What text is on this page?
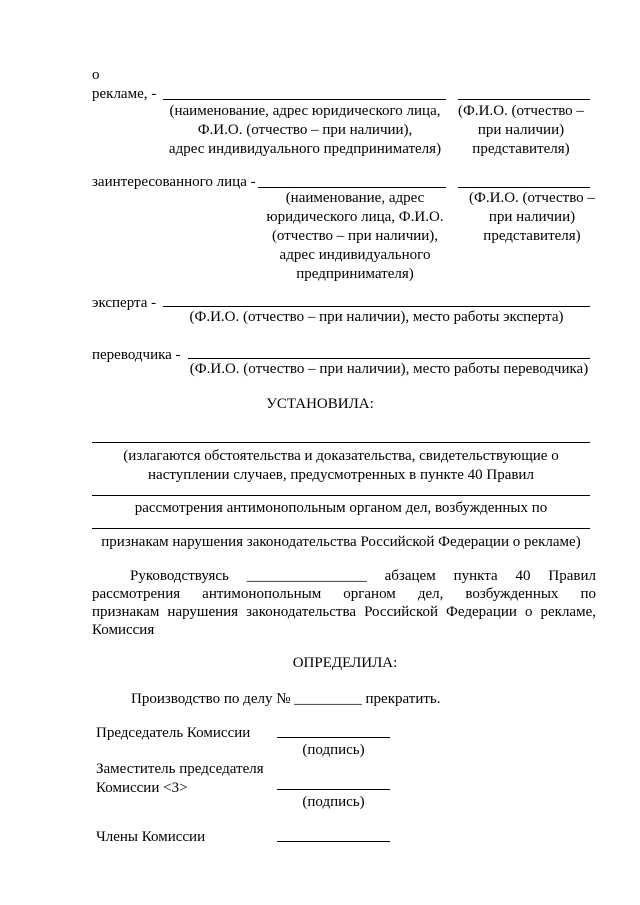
о
рекламе, -
(наименование, адрес юридического лица,
Ф.И.О. (отчество – при наличии),
адрес индивидуального предпринимателя)
(Ф.И.О. (отчество –
при наличии)
представителя)
заинтересованного лица -
(наименование, адрес
юридического лица, Ф.И.О.
(отчество – при наличии),
адрес индивидуального
предпринимателя)
(Ф.И.О. (отчество –
при наличии)
представителя)
эксперта -
(Ф.И.О. (отчество – при наличии), место работы эксперта)
переводчика -
(Ф.И.О. (отчество – при наличии), место работы переводчика)
УСТАНОВИЛА:
(излагаются обстоятельства и доказательства, свидетельствующие о
наступлении случаев, предусмотренных в пункте 40 Правил
рассмотрения антимонопольным органом дел, возбужденных по
признакам нарушения законодательства Российской Федерации о рекламе)
Руководствуясь ________________ абзацем пункта 40 Правил
рассмотрения антимонопольным органом дел, возбужденных по
признакам нарушения законодательства Российской Федерации о рекламе,
Комиссия
ОПРЕДЕЛИЛА:
Производство по делу № _________ прекратить.
Председатель Комиссии
(подпись)
Заместитель председателя
Комиссии <3>
(подпись)
Члены Комиссии
